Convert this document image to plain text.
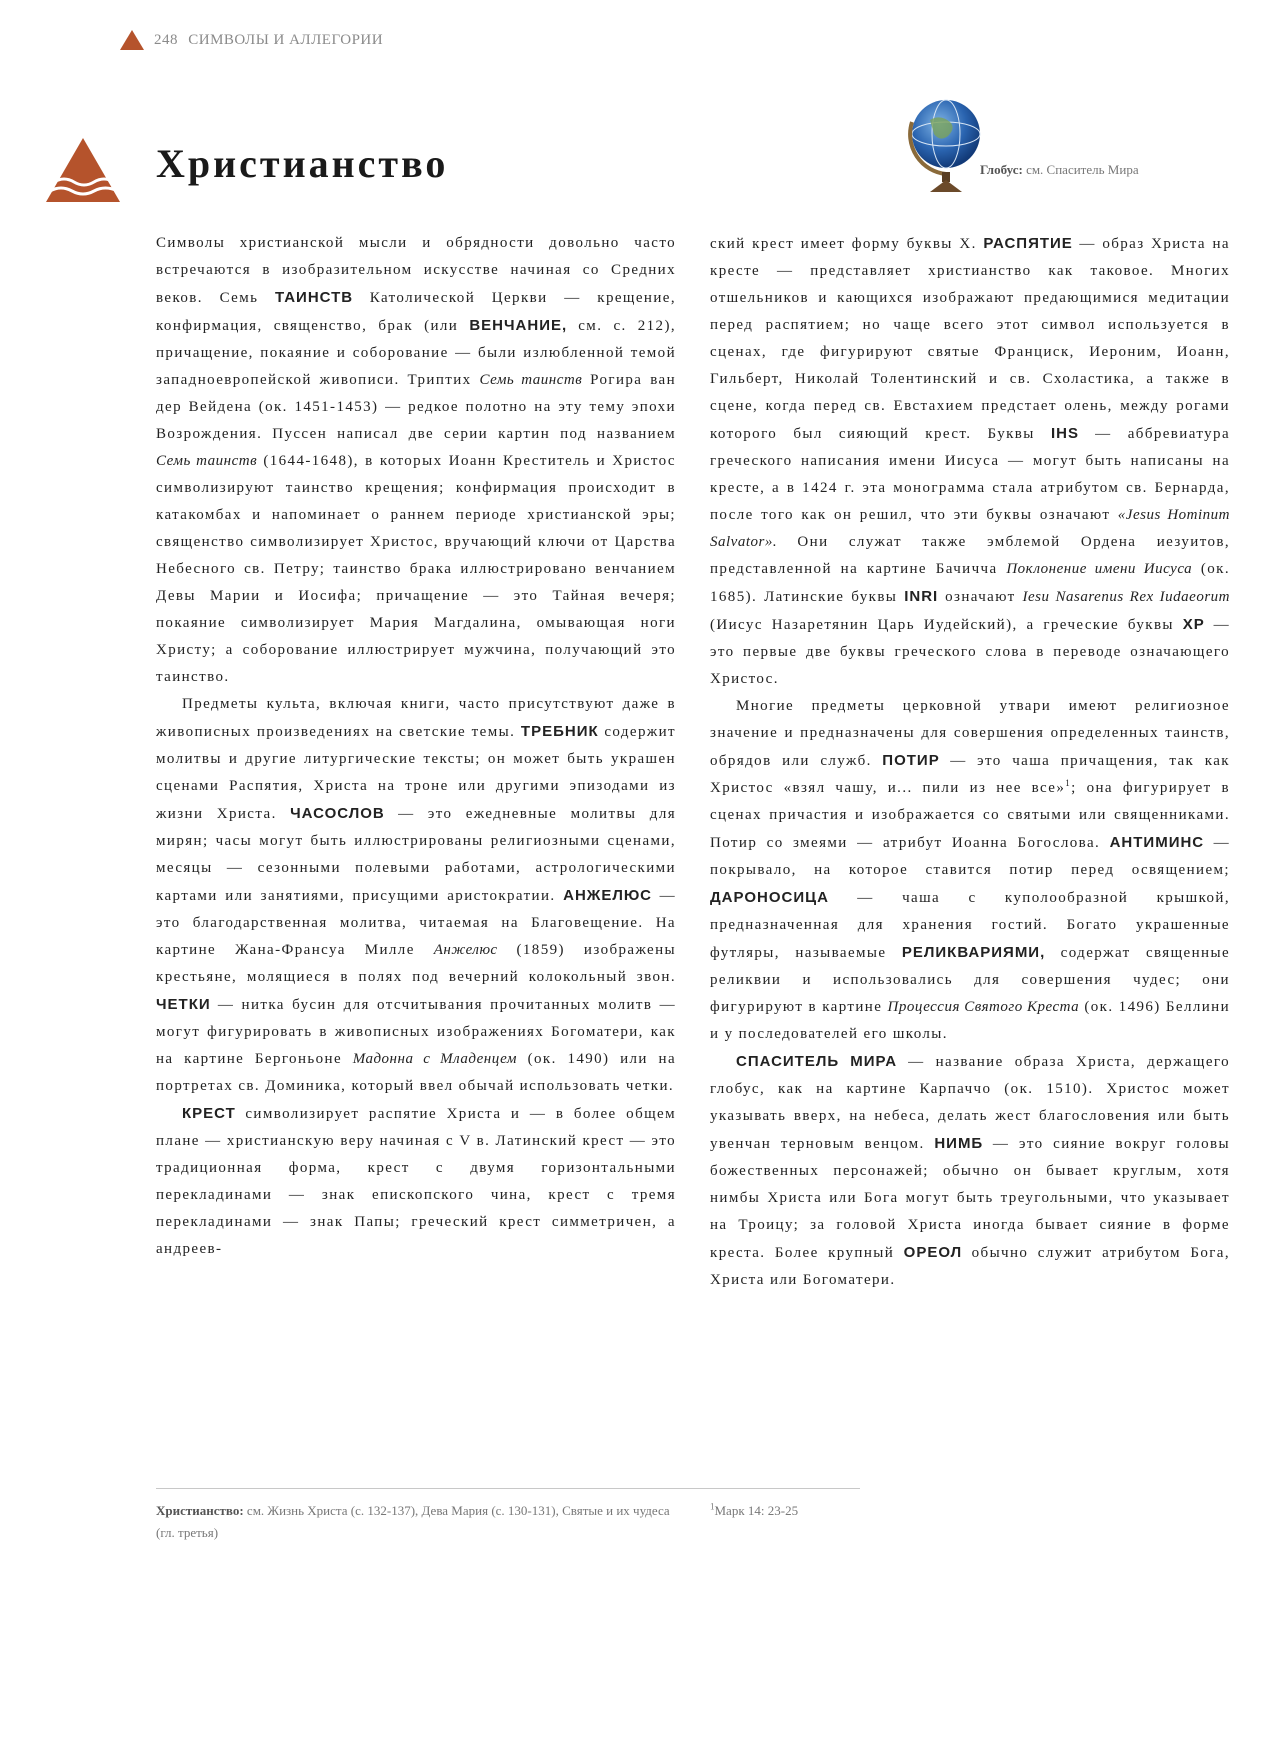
248 СИМВОЛЫ И АЛЛЕГОРИИ
Христианство	Глобус: см. Спаситель Мира

Символы христианской мысли и обрядности довольно часто встречаются в изобразительном искусстве начиная со Средних веков. Семь ТАИНСТВ Католической Церкви — крещение, конфирмация, священство, брак (или ВЕНЧАНИЕ, см. с. 212), причащение, покаяние и соборование — были излюбленной темой западноевропейской живописи. Триптих Семь таинств Рогира ван дер Вейдена (ок. 1451-1453) — редкое полотно на эту тему эпохи Возрождения. Пуссен написал две серии картин под названием Семь таинств (1644-1648), в которых Иоанн Креститель и Христос символизируют таинство крещения; конфирмация происходит в катакомбах и напоминает о раннем периоде христианской эры; священство символизирует Христос, вручающий ключи от Царства Небесного св. Петру; таинство брака иллюстрировано венчанием Девы Марии и Иосифа; причащение — это Тайная вечеря; покаяние символизирует Мария Магдалина, омывающая ноги Христу; а соборование иллюстрирует мужчина, получающий это таинство.

Предметы культа, включая книги, часто присутствуют даже в живописных произведениях на светские темы. ТРЕБНИК содержит молитвы и другие литургические тексты; он может быть украшен сценами Распятия, Христа на троне или другими эпизодами из жизни Христа. ЧАСОСЛОВ — это ежедневные молитвы для мирян; часы могут быть иллюстрированы религиозными сценами, месяцы — сезонными полевыми работами, астрологическими картами или занятиями, присущими аристократии. АНЖЕЛЮС — это благодарственная молитва, читаемая на Благовещение. На картине Жана-Франсуа Милле Анжелюс (1859) изображены крестьяне, молящиеся в полях под вечерний колокольный звон. ЧЕТКИ — нитка бусин для отсчитывания прочитанных молитв — могут фигурировать в живописных изображениях Богоматери, как на картине Бергоньоне Мадонна с Младенцем (ок. 1490) или на портретах св. Доминика, который ввел обычай использовать четки.

КРЕСТ символизирует распятие Христа и — в более общем плане — христианскую веру начиная с V в. Латинский крест — это традиционная форма, крест с двумя горизонтальными перекладинами — знак епископского чина, крест с тремя перекладинами — знак Папы; греческий крест симметричен, а андреев-

ский крест имеет форму буквы X. РАСПЯТИЕ — образ Христа на кресте — представляет христианство как таковое. Многих отшельников и кающихся изображают предающимися медитации перед распятием; но чаще всего этот символ используется в сценах, где фигурируют святые Франциск, Иероним, Иоанн, Гильберт, Николай Толентинский и св. Схоластика, а также в сцене, когда перед св. Евстахием предстает олень, между рогами которого был сияющий крест. Буквы IHS — аббревиатура греческого написания имени Иисуса — могут быть написаны на кресте, а в 1424 г. эта монограмма стала атрибутом св. Бернарда, после того как он решил, что эти буквы означают «Jesus Hominum Salvator». Они служат также эмблемой Ордена иезуитов, представленной на картине Бачичча Поклонение имени Иисуса (ок. 1685). Латинские буквы INRI означают Iesu Nasarenus Rex Iudaeorum (Иисус Назаретянин Царь Иудейский), а греческие буквы ХР — это первые две буквы греческого слова в переводе означающего Христос.

Многие предметы церковной утвари имеют религиозное значение и предназначены для совершения определенных таинств, обрядов или служб. ПОТИР — это чаша причащения, так как Христос «взял чашу, и... пили из нее все»$^1$; она фигурирует в сценах причастия и изображается со святыми или священниками. Потир со змеями — атрибут Иоанна Богослова. АНТИМИНС — покрывало, на которое ставится потир перед освящением; ДАРОНОСИЦА — чаша с куполообразной крышкой, предназначенная для хранения гостий. Богато украшенные футляры, называемые РЕЛИКВАРИЯМИ, содержат священные реликвии и использовались для совершения чудес; они фигурируют в картине Процессия Святого Креста (ок. 1496) Беллини и у последователей его школы.

СПАСИТЕЛЬ МИРА — название образа Христа, держащего глобус, как на картине Карпаччо (ок. 1510). Христос может указывать вверх, на небеса, делать жест благословения или быть увенчан терновым венцом. НИМБ — это сияние вокруг головы божественных персонажей; обычно он бывает круглым, хотя нимбы Христа или Бога могут быть треугольными, что указывает на Троицу; за головой Христа иногда бывает сияние в форме креста. Более крупный ОРЕОЛ обычно служит атрибутом Бога, Христа или Богоматери.

Христианство: см. Жизнь Христа (с. 132-137), Дева Мария (с. 130-131), Святые и их чудеса (гл. третья)
$^1$Марк 14: 23-25
